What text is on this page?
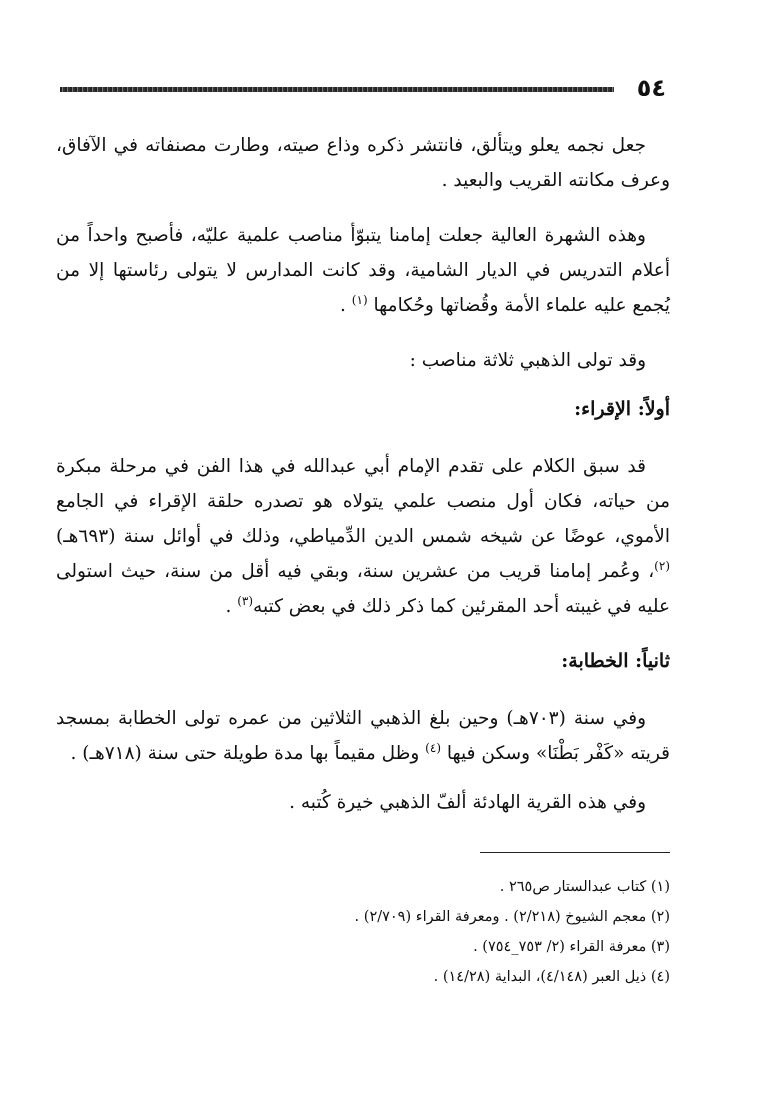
٥٤

جعل نجمه يعلو ويتألق، فانتشر ذكره وذاع صيته، وطارت مصنفاته في الآفاق، وعرف مكانته القريب والبعيد .

وهذه الشهرة العالية جعلت إمامنا يتبوّأ مناصب علمية عليّه، فأصبح واحداً من أعلام التدريس في الديار الشامية، وقد كانت المدارس لا يتولى رئاستها إلا من يُجمع عليه علماء الأمة وقُضاتها وحُكامها $^{(١)}$ .

وقد تولى الذهبي ثلاثة مناصب :

أولاً: الإقراء:

قد سبق الكلام على تقدم الإمام أبي عبدالله في هذا الفن في مرحلة مبكرة من حياته، فكان أول منصب علمي يتولاه هو تصدره حلقة الإقراء في الجامع الأموي، عوضًا عن شيخه شمس الدين الدِّمياطي، وذلك في أوائل سنة (٦٩٣هـ) $^{(٢)}$، وعُمر إمامنا قريب من عشرين سنة، وبقي فيه أقل من سنة، حيث استولى عليه في غيبته أحد المقرئين كما ذكر ذلك في بعض كتبه$^{(٣)}$ .

ثانياً: الخطابة:

وفي سنة (٧٠٣هـ) وحين بلغ الذهبي الثلاثين من عمره تولى الخطابة بمسجد قريته «كَفْر بَطْنَا» وسكن فيها $^{(٤)}$ وظل مقيماً بها مدة طويلة حتى سنة (٧١٨هـ) .

وفي هذه القرية الهادئة ألفّ الذهبي خيرة كُتبه .

(١) كتاب عبدالستار ص٢٦٥ .
(٢) معجم الشيوخ (٢/٢١٨) . ومعرفة القراء (٢/٧٠٩) .
(٣) معرفة القراء (٢/ ٧٥٣_٧٥٤) .
(٤) ذيل العبر (٤/١٤٨)، البداية (١٤/٢٨) .
